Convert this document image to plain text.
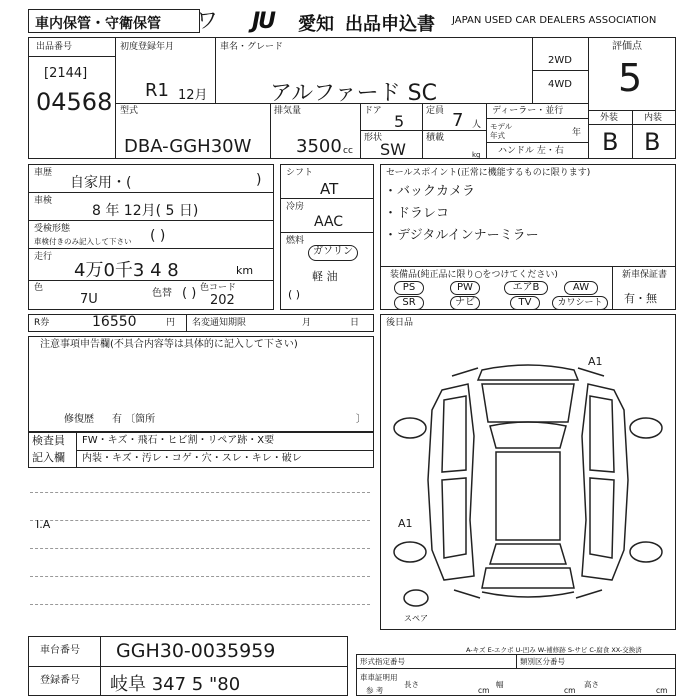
車内保管・守衛保管 ワ JU	愛知 出品申込書 JAPAN USED CAR DEALERS ASSOCIATION
出品番号
[2144]
04568
初度登録年月
R1 12月
車名・グレード
アルファード SC
2WD
4WD
評価点
5
外装	内装
B B
型式
DBA-GGH30W
排気量
3500 cc
ドア
5
形状
SW
定員 7 人
積載
kg
ディーラー・並行
モデル年式	年
ハンドル 左・右
車歴
自家用・(	)
車検
8 年 12月( 5 日)
受検形態
車検付きのみ記入して下さい ( )
走行
4万0千3 4 8	km
色
7U	色替 ( ) 色コード
202
シフト
AT
冷房
AAC
燃料
ガソリン
軽 油
( )
セールスポイント(正常に機能するものに限ります)
・バックカメラ
・ドラレコ
・デジタルインナーミラー
装備品(純正品に限り○をつけてください)	新車保証書
有・無
PS	PW	エアB	AW
SR	ナビ	TV	カワシート
R券	16550	円 名変通知期限	月	日
注意事項申告欄(不具合内容等は具体的に記入して下さい)
修復歴 有 〔箇所	〕
検査員
記入欄
FW・キズ・飛石・ヒビ割・リペア跡・X要
内装・キズ・汚レ・コゲ・穴・スレ・キレ・破レ
I.A
後日品
A1
A1
スペア
A-キズ E-エクボ U-凹み W-補修跡 S-サビ C-腐食 XX-交換済
車台番号 GGH30-0035959
登録番号 岐阜 347 5 "80
形式指定番号	類別区分番号
車車証明用
参 考
長さ
cm
幅
cm
高さ
cm
